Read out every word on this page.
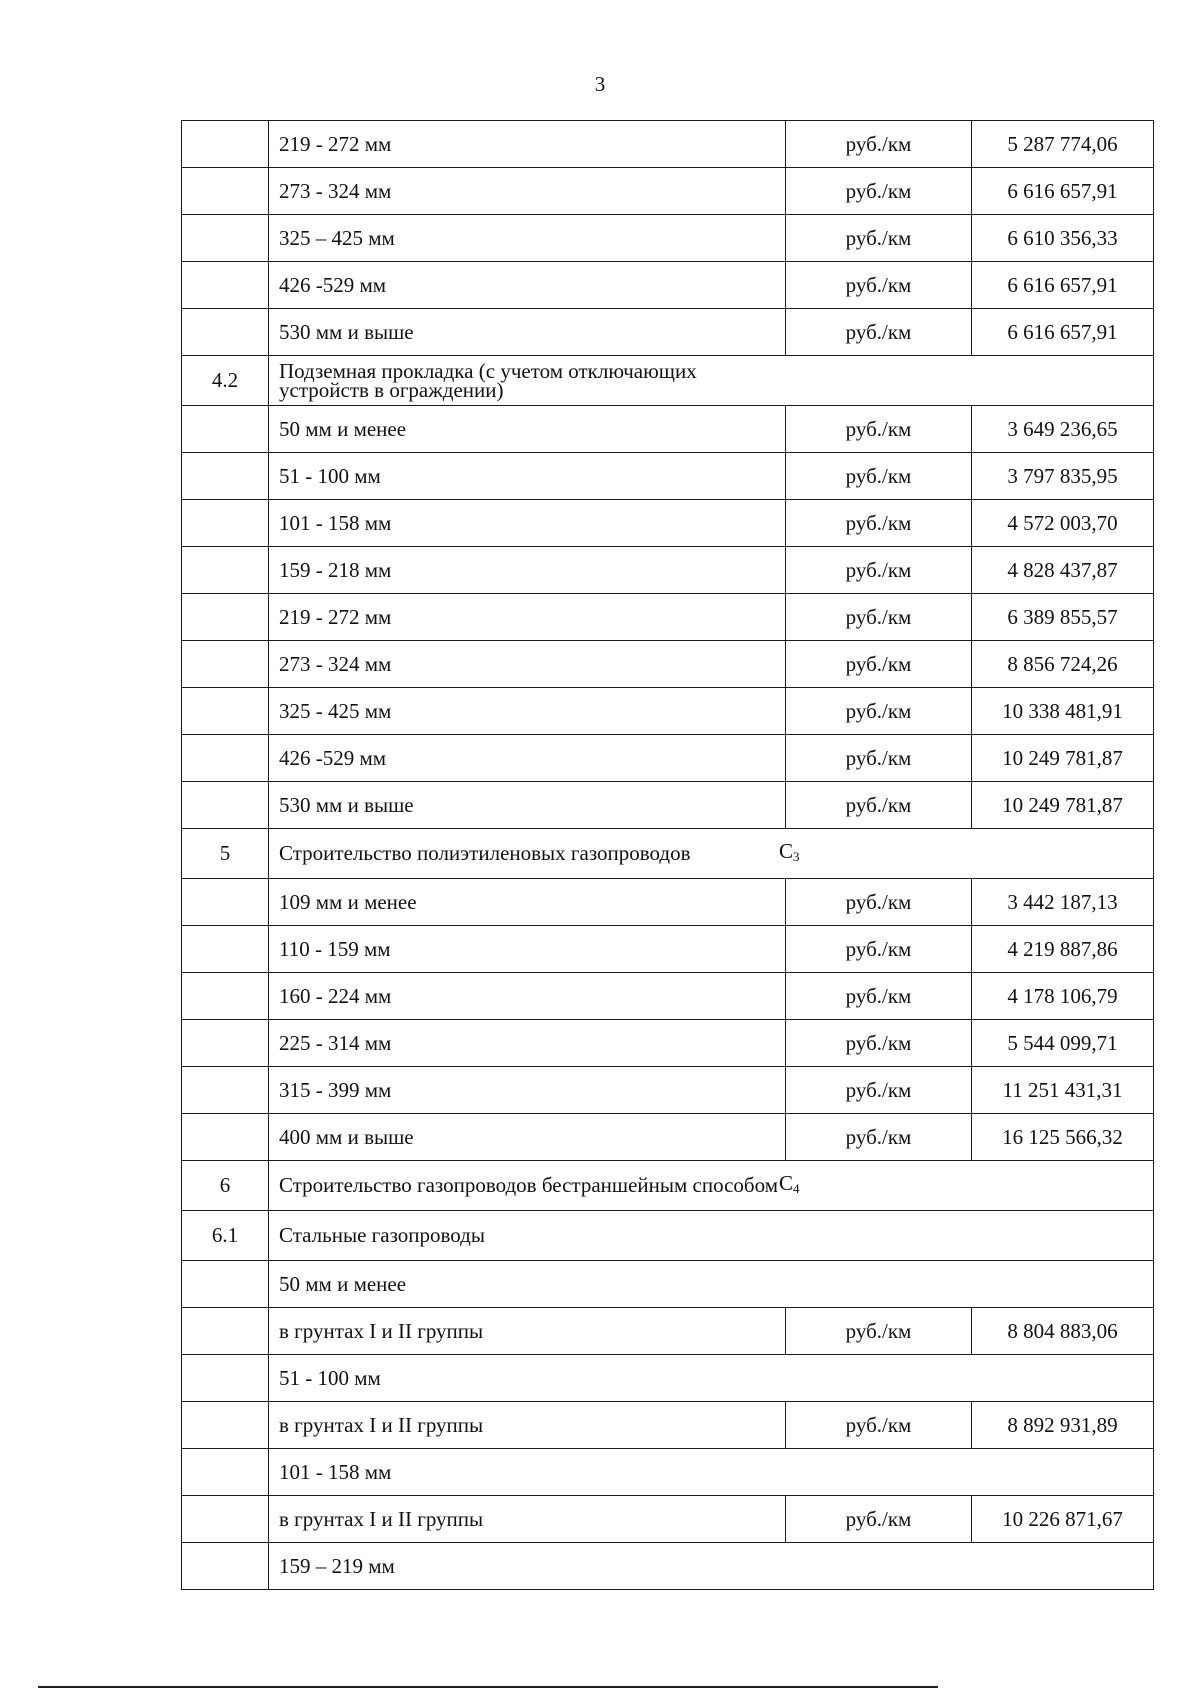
3
	219 - 272 мм	руб./км	5 287 774,06
	273 - 324 мм	руб./км	6 616 657,91
	325 – 425 мм	руб./км	6 610 356,33
	426 -529 мм	руб./км	6 616 657,91
	530 мм и выше	руб./км	6 616 657,91
4.2	Подземная прокладка (с учетом отключающих устройств в ограждении)		

	50 мм и менее	руб./км	3 649 236,65
	51 - 100 мм	руб./км	3 797 835,95
	101 - 158 мм	руб./км	4 572 003,70
	159 - 218 мм	руб./км	4 828 437,87
	219 - 272 мм	руб./км	6 389 855,57
	273 - 324 мм	руб./км	8 856 724,26
	325 - 425 мм	руб./км	10 338 481,91
	426 -529 мм	руб./км	10 249 781,87
	530 мм и выше	руб./км	10 249 781,87
5	Строительство полиэтиленовых газопроводов $C_3$

	109 мм и менее	руб./км	3 442 187,13
	110 - 159 мм	руб./км	4 219 887,86
	160 - 224 мм	руб./км	4 178 106,79
	225 - 314 мм	руб./км	5 544 099,71
	315 - 399 мм	руб./км	11 251 431,31
	400 мм и выше	руб./км	16 125 566,32
6	Строительство газопроводов бестраншейным способом $C_4$

6.1	Стальные газопроводы		

	50 мм и менее		
	в грунтах I и II группы	руб./км	8 804 883,06
	51 - 100 мм		
	в грунтах I и II группы	руб./км	8 892 931,89
	101 - 158 мм		
	в грунтах I и II группы	руб./км	10 226 871,67
	159 – 219 мм		
